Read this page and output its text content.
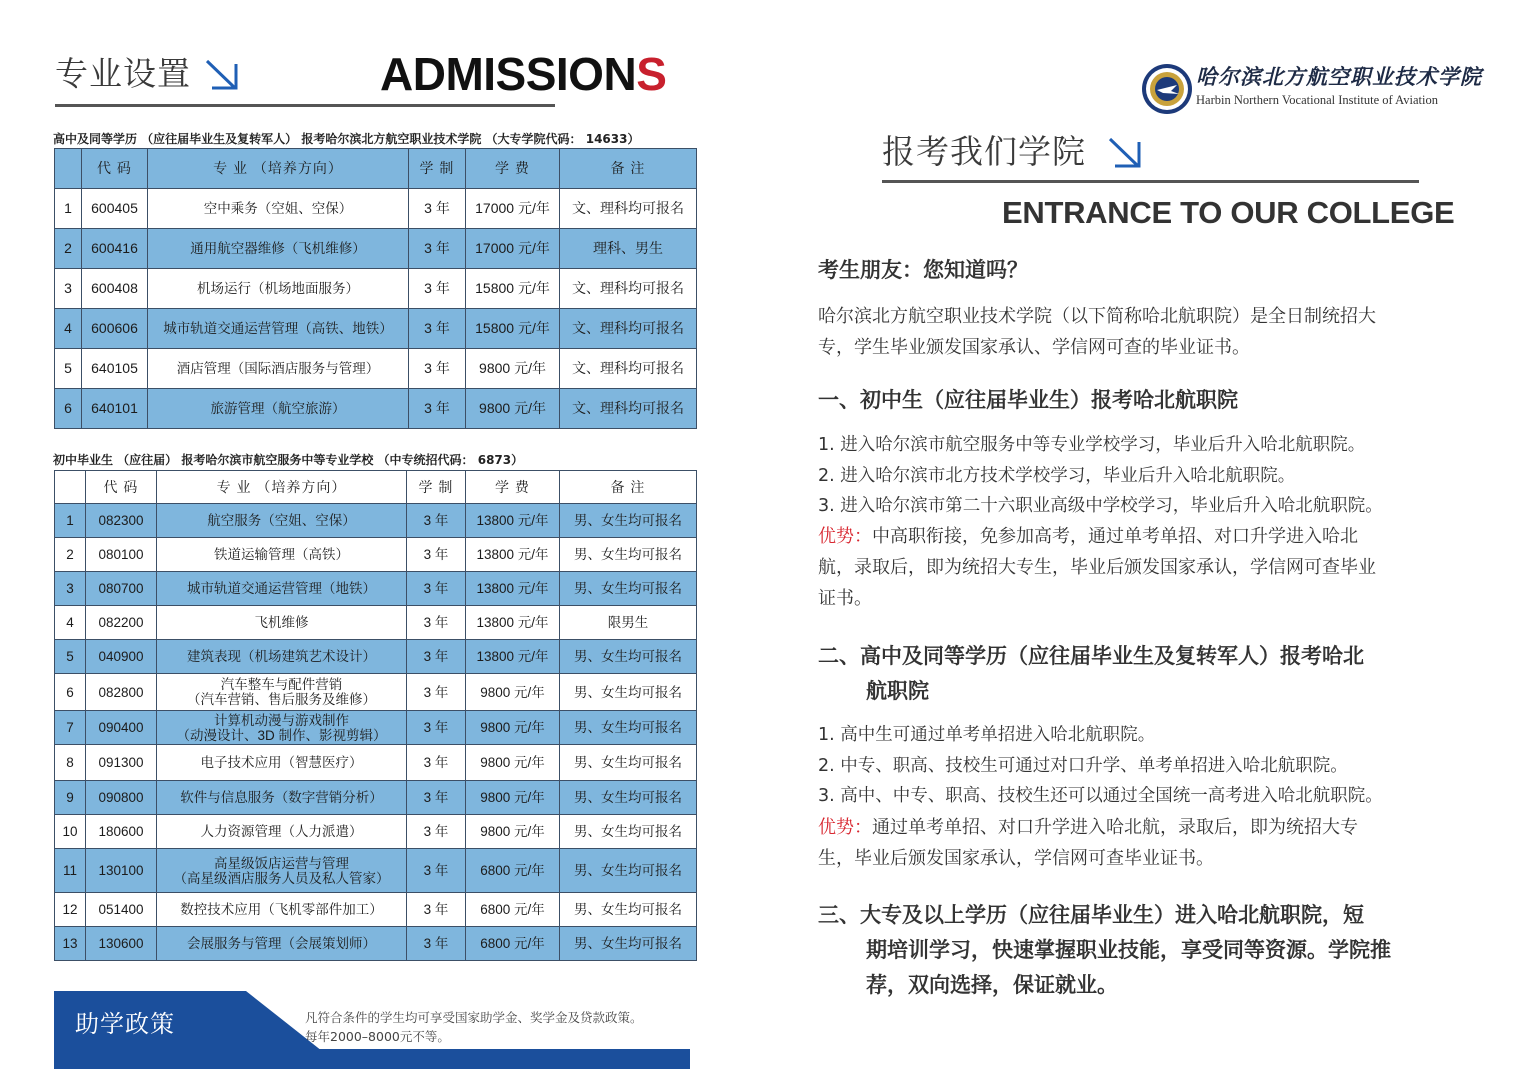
专业设置	ADMISSIONS
高中及同等学历 （应往届毕业生及复转军人） 报考哈尔滨北方航空职业技术学院 （大专学院代码： 14633）
	代 码	专 业 （培养方向）	学 制	学 费	备 注
1	600405	空中乘务（空姐、空保）	3 年	17000 元/年	文、理科均可报名
2	600416	通用航空器维修（飞机维修）	3 年	17000 元/年	理科、男生
3	600408	机场运行（机场地面服务）	3 年	15800 元/年	文、理科均可报名
4	600606	城市轨道交通运营管理（高铁、地铁）	3 年	15800 元/年	文、理科均可报名
5	640105	酒店管理（国际酒店服务与管理）	3 年	9800 元/年	文、理科均可报名
6	640101	旅游管理（航空旅游）	3 年	9800 元/年	文、理科均可报名
初中毕业生 （应往届） 报考哈尔滨市航空服务中等专业学校 （中专统招代码： 6873）
	代 码	专 业 （培养方向）	学 制	学 费	备 注
1	082300	航空服务（空姐、空保）	3 年	13800 元/年	男、女生均可报名
2	080100	铁道运输管理（高铁）	3 年	13800 元/年	男、女生均可报名
3	080700	城市轨道交通运营管理（地铁）	3 年	13800 元/年	男、女生均可报名
4	082200	飞机维修	3 年	13800 元/年	限男生
5	040900	建筑表现（机场建筑艺术设计）	3 年	13800 元/年	男、女生均可报名
6	082800	汽车整车与配件营销
（汽车营销、售后服务及维修）	3 年	9800 元/年	男、女生均可报名
7	090400	计算机动漫与游戏制作
（动漫设计、3D 制作、影视剪辑）	3 年	9800 元/年	男、女生均可报名
8	091300	电子技术应用（智慧医疗）	3 年	9800 元/年	男、女生均可报名
9	090800	软件与信息服务（数字营销分析）	3 年	9800 元/年	男、女生均可报名
10	180600	人力资源管理（人力派遣）	3 年	9800 元/年	男、女生均可报名
11	130100	高星级饭店运营与管理
（高星级酒店服务人员及私人管家）	3 年	6800 元/年	男、女生均可报名
12	051400	数控技术应用（飞机零部件加工）	3 年	6800 元/年	男、女生均可报名
13	130600	会展服务与管理（会展策划师）	3 年	6800 元/年	男、女生均可报名
助学政策	凡符合条件的学生均可享受国家助学金、奖学金及贷款政策。
每年2000–8000元不等。
哈尔滨北方航空职业技术学院
Harbin Northern Vocational Institute of Aviation
报考我们学院
ENTRANCE TO OUR COLLEGE
考生朋友：您知道吗？
哈尔滨北方航空职业技术学院（以下简称哈北航职院）是全日制统招大
专，学生毕业颁发国家承认、学信网可查的毕业证书。
一、初中生（应往届毕业生）报考哈北航职院
1. 进入哈尔滨市航空服务中等专业学校学习，毕业后升入哈北航职院。
2. 进入哈尔滨市北方技术学校学习，毕业后升入哈北航职院。
3. 进入哈尔滨市第二十六职业高级中学校学习，毕业后升入哈北航职院。
优势：中高职衔接，免参加高考，通过单考单招、对口升学进入哈北
航，录取后，即为统招大专生，毕业后颁发国家承认，学信网可查毕业
证书。
二、高中及同等学历（应往届毕业生及复转军人）报考哈北
航职院
1. 高中生可通过单考单招进入哈北航职院。
2. 中专、职高、技校生可通过对口升学、单考单招进入哈北航职院。
3. 高中、中专、职高、技校生还可以通过全国统一高考进入哈北航职院。
优势：通过单考单招、对口升学进入哈北航，录取后，即为统招大专
生，毕业后颁发国家承认，学信网可查毕业证书。
三、大专及以上学历（应往届毕业生）进入哈北航职院，短
期培训学习，快速掌握职业技能，享受同等资源。学院推
荐，双向选择，保证就业。
